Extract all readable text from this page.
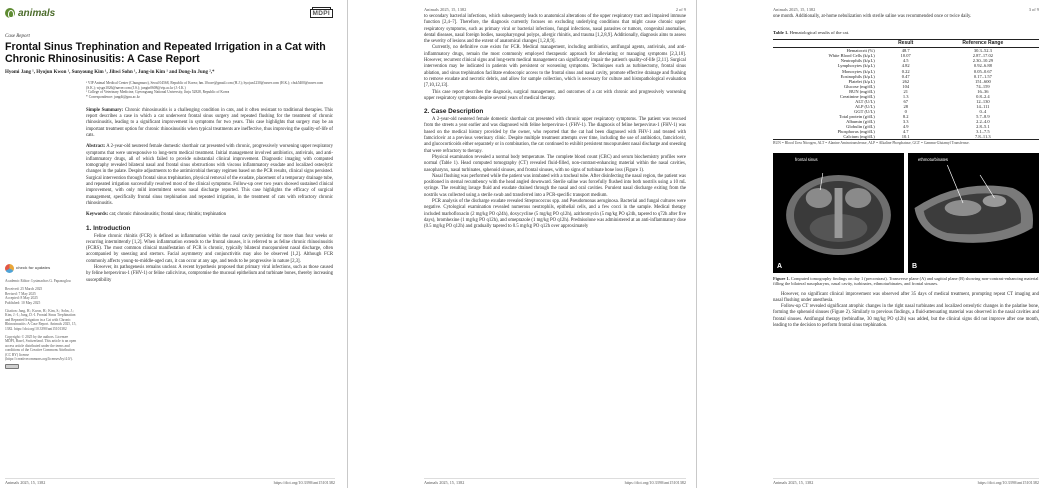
animals	MDPI
Case Report
Frontal Sinus Trephination and Repeated Irrigation in a Cat with Chronic Rhinosinusitis: A Case Report
Hyomi Jang ¹, Hyojun Kwon ¹, Sunyoung Kim ¹, Jihwi Sohn ¹, Jung-in Kim ¹ and Dong-In Jung ²,*
¹ VIP Animal Medical Center (Chungmuro), Seoul 04568, Republic of Korea; hm.10core@gmail.com (H.J.); hyojun1230@naver.com (H.K.); chsk5400@naver.com (S.K.); wjsgn1026@naver.com (J.S.); jungin0608@vip.ac.kr (J.-I.K.)
² College of Veterinary Medicine, Gyeongsang National University, Jinju 52828, Republic of Korea
* Correspondence: jungdi@gnu.ac.kr
check for updates
Academic Editor: Lysimachos G. Papazoglou
Received: 25 March 2025
Revised: 7 May 2025
Accepted: 8 May 2025
Published: 10 May 2025
Citation: Jang, H.; Kwon, H.; Kim, S.; Sohn, J.; Kim, J.-I.; Jung, D.-I. Frontal Sinus Trephination and Repeated Irrigation in a Cat with Chronic Rhinosinusitis: A Case Report. Animals 2025, 15, 1382. https://doi.org/10.3390/ani15101382
Copyright: © 2025 by the authors. Licensee MDPI, Basel, Switzerland. This article is an open access article distributed under the terms and conditions of the Creative Commons Attribution (CC BY) license (https://creativecommons.org/licenses/by/4.0/).
Simple Summary: Chronic rhinosinusitis is a challenging condition in cats, and it often resistant to traditional therapies. This report describes a case in which a cat underwent frontal sinus surgery and repeated flushing for the treatment of chronic rhinosinusitis, leading to a significant improvement in symptoms for two years. This case highlights that surgery may be an important treatment option for chronic rhinosinusitis when typical treatments are ineffective, thus improving the quality-of-life of cats.
Abstract: A 2-year-old neutered female domestic shorthair cat presented with chronic, progressively worsening upper respiratory symptoms that were unresponsive to long-term medical treatment. Initial management involved antibiotics, antivirals, and anti-inflammatory drugs, all of which failed to provide substantial clinical improvement. Diagnostic imaging with computed tomography revealed bilateral nasal and frontal sinus obstructions with viscous inflammatory exudate and localized osteolytic changes in the palate. Despite adjustments to the antimicrobial therapy regimen based on the PCR results, clinical signs persisted. Surgical intervention through frontal sinus trephination, physical removal of the exudate, placement of a temporary drainage tube, and repeated irrigation successfully resolved most of the clinical symptoms. Follow-up over two years showed sustained clinical improvement, with only mild intermittent serous nasal discharge reported. This case highlights the efficacy of surgical management, specifically frontal sinus trephination and repeated irrigation, in the treatment of cats with refractory chronic rhinosinusitis.
Keywords: cat; chronic rhinosinusitis; frontal sinus; rhinitis; trephination
1. Introduction

Feline chronic rhinitis (FCR) is defined as inflammation within the nasal cavity persisting for more than four weeks or recurring intermittently [1,2]. When inflammation extends to the frontal sinuses, it is referred to as feline chronic rhinosinusitis (FCRS). The most common clinical manifestation of FCR is chronic, typically bilateral mucopurulent nasal discharge, often accompanied by sneezing and stertors. Facial asymmetry and conjunctivitis may also be observed [1,2]. Although FCR commonly affects young-to-middle-aged cats, it can occur at any age, and tends to be progressive in nature [2,3].

However, its pathogenesis remains unclear. A recent hypothesis proposed that primary viral infections, such as those caused by feline herpesvirus-1 (FHV-1) or feline calicivirus, compromise the mucosal epithelium and turbinate bones, thereby increasing susceptibility

Animals 2025, 15, 1382	https://doi.org/10.3390/ani15101382
Animals 2025, 15, 1382	2 of 9

to secondary bacterial infections, which subsequently leads to anatomical alterations of the upper respiratory tract and impaired immune function [2,4–7]. Therefore, the diagnosis currently focuses on excluding underlying conditions that might cause chronic upper respiratory symptoms, such as primary viral or bacterial infections, fungal infections, nasal parasites or tumors, congenital anomalies, dental diseases, nasal foreign bodies, nasopharyngeal polyps, allergic rhinitis, and trauma [1,2,8,9]. Additionally, diagnosis aims to assess the severity of lesions and the extent of anatomical changes [1,2,8,9].

Currently, no definitive cure exists for FCR. Medical management, including antibiotics, antifungal agents, antivirals, and anti-inflammatory drugs, remain the most commonly employed therapeutic approach for alleviating or managing symptoms [2,3,10]. However, recurrent clinical signs and long-term medical management can significantly impair the patient's quality-of-life [2,11]. Surgical intervention may be indicated in patients with persistent or worsening symptoms. Techniques such as turbinectomy, frontal sinus ablation, and sinus trephination facilitate endoscopic access to the frontal sinus and nasal cavity, promote effective drainage and flushing to remove exudate and necrotic debris, and allow for sample collection, which is necessary for culture and histopathological evaluation [7,10,12,13].

This case report describes the diagnosis, surgical management, and outcomes of a cat with chronic and progressively worsening upper respiratory symptoms despite several years of medical therapy.

2. Case Description

A 2-year-old neutered female domestic shorthair cat presented with chronic upper respiratory symptoms. The patient was rescued from the streets a year earlier and was diagnosed with feline herpesvirus-1 (FHV-1). The diagnosis of feline herpesvirus-1 (FHV-1) was based on the medical history provided by the owner, who reported that the cat had been diagnosed with FHV-1 and treated with famciclovir at a previous veterinary clinic. Despite multiple treatment attempts over time, including the use of antibiotics, famciclovir, and glucocorticoids either separately or in combination, the cat continued to exhibit persistent mucopurulent nasal discharge and sneezing that were refractory to therapy.

Physical examination revealed a normal body temperature. The complete blood count (CBC) and serum biochemistry profiles were normal (Table 1). Head computed tomography (CT) revealed fluid-filled, non-contrast-enhancing material within the nasal cavities, nasopharynx, nasal turbinates, sphenoid sinuses, and frontal sinuses, with no signs of turbinate bone loss (Figure 1).

Nasal flushing was performed while the patient was intubated with a tracheal tube. After disinfecting the nasal region, the patient was positioned in sternal recumbency with the head angled downward. Sterile saline was forcefully flushed into both nostrils using a 10 mL syringe. The resulting lavage fluid and exudate drained through the nasal and oral cavities. Purulent nasal discharge exiting from the nostrils was collected using a sterile swab and transferred into a PCR-specific transport medium.

PCR analysis of the discharge exudate revealed Streptococcus spp. and Pseudomonas aeruginosa. Bacterial and fungal cultures were negative. Cytological examination revealed numerous neutrophils, epithelial cells, and a few cocci in the sample. Medical therapy included marbofloxacin (2 mg/kg PO q24h), doxycycline (5 mg/kg PO q12h), azithromycin (5 mg/kg PO q24h, tapered to q72h after five days), bromhexine (1 mg/kg PO q12h), and omeprazole (1 mg/kg PO q12h). Prednisolone was administered at an anti-inflammatory dose (0.5 mg/kg PO q12h) and gradually tapered to 0.5 mg/kg PO q12h over approximately

Animals 2025, 15, 1382	https://doi.org/10.3390/ani15101382
Animals 2025, 15, 1382	3 of 9

one month. Additionally, at-home nebulization with sterile saline was recommended once or twice daily.

Table 1. Hematological results of the cat.
	Result	Reference Range
Hematocrit (%)	48.7	30.3–52.3
White Blood Cells (k/μL)	10.07	2.87–17.02
Neutrophils (k/μL)	4.5	2.30–10.29
Lymphocytes (k/μL)	4.82	0.92–6.88
Monocytes (k/μL)	0.22	0.05–0.67
Eosinophils (k/μL)	0.47	0.17–1.57
Platelet (k/μL)	262	151–600
Glucose (mg/dL)	104	74–159
BUN (mg/dL)	21	16–36
Creatinine (mg/dL)	1.3	0.8–2.4
ALT (U/L)	67	12–130
ALP (U/L)	28	14–111
GGT (U/L)	0	0–4
Total protein (g/dL)	8.2	5.7–8.9
Albumin (g/dL)	3.3	2.2–4.0
Globulin (g/dL)	4.9	2.8–5.1
Phosphorus (mg/dL)	4.7	3.1–7.5
Calcium (mg/dL)	10.1	7.8–11.3
BUN = Blood Urea Nitrogen, ALT = Alanine Aminotransferase, ALP = Alkaline Phosphatase, GGT = Gamma-Glutamyl Transferase.
frontal sinus
A
ethmoturbinates
B
Figure 1. Computed tomography findings on day 1 (precontrast). Transverse plane (A) and sagittal plane (B) showing non-contrast-enhancing material filling the bilateral nasopharynx, nasal cavity, turbinates, ethmoturbinates, and frontal sinuses.

However, no significant clinical improvement was observed after 35 days of medical treatment, prompting repeat CT imaging and nasal flushing under anesthesia.

Follow-up CT revealed significant atrophic changes in the right nasal turbinates and localized osteolytic changes in the palatine bone, forming the sphenoid sinuses (Figure 2). Similarly to previous findings, a fluid-attenuating material was observed in the nasal cavities and frontal sinuses. Antifungal therapy (terbinafine, 30 mg/kg PO q12h) was added, but the clinical signs did not improve after one month, leading to the decision to perform frontal sinus trephination.

Animals 2025, 15, 1382	https://doi.org/10.3390/ani15101382
